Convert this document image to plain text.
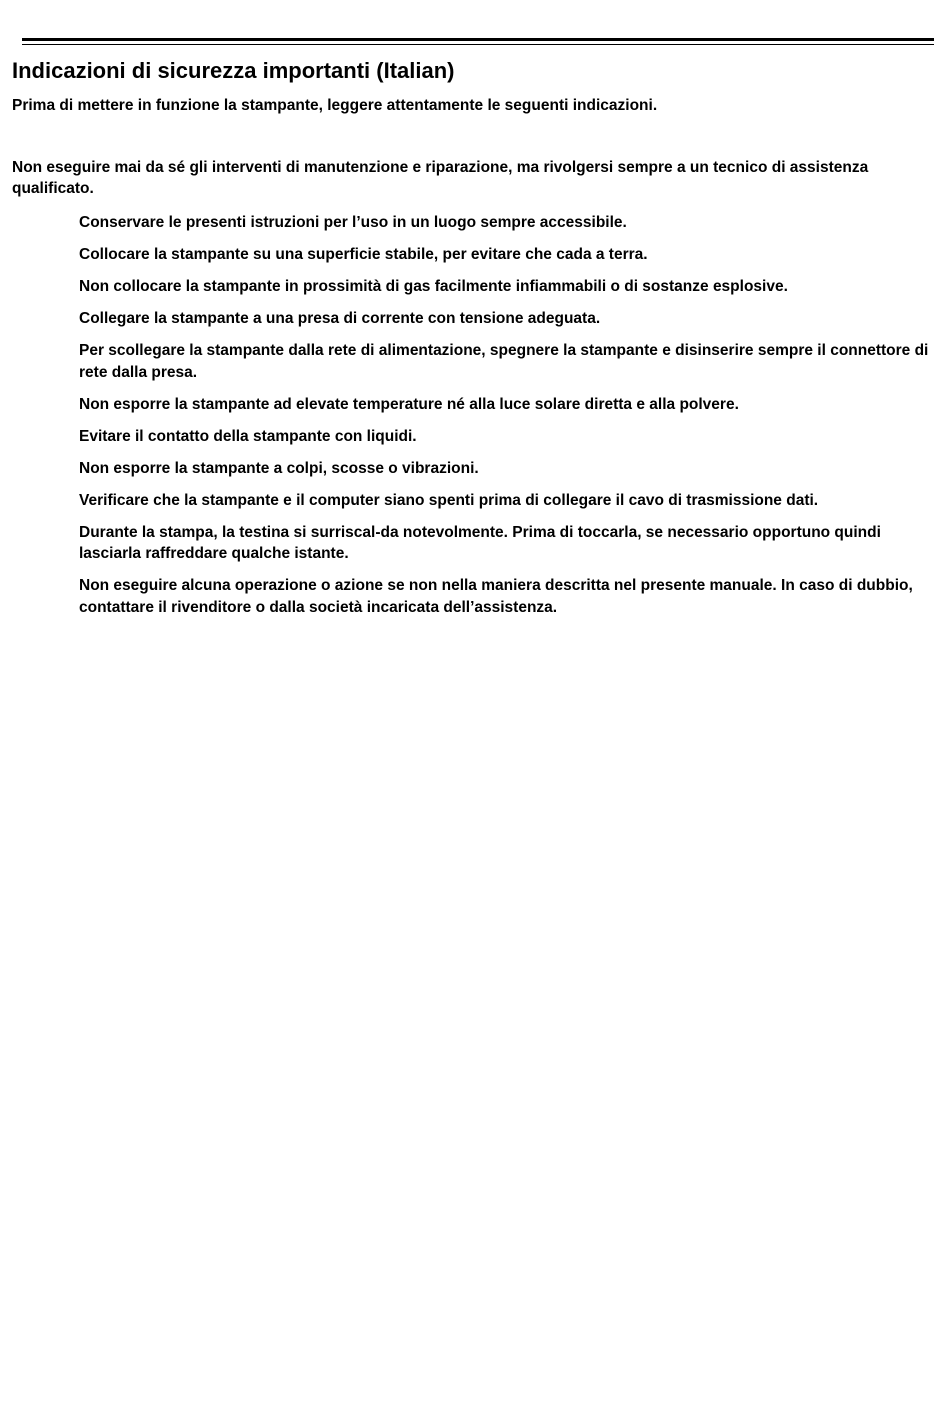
Indicazioni di sicurezza importanti (Italian)

Prima di mettere in funzione la stampante, leggere attentamente le seguenti indicazioni.

Non eseguire mai da sé gli interventi di manutenzione e riparazione, ma rivolgersi sempre a un tecnico di assistenza qualificato.

Conservare le presenti istruzioni per l’uso in un luogo sempre accessibile.
Collocare la stampante su una superficie stabile, per evitare che cada a terra.
Non collocare la stampante in prossimità di gas facilmente infiammabili o di sostanze esplosive.
Collegare la stampante a una presa di corrente con tensione adeguata.
Per scollegare la stampante dalla rete di alimentazione, spegnere la stampante e disinserire sempre il connettore di rete dalla presa.
Non esporre la stampante ad elevate temperature né alla luce solare diretta e alla polvere.
Evitare il contatto della stampante con liquidi.
Non esporre la stampante a colpi, scosse o vibrazioni.
Verificare che la stampante e il computer siano spenti prima di collegare il cavo di trasmissione dati.
Durante la stampa, la testina si surriscal-da notevolmente. Prima di toccarla, se necessario opportuno quindi lasciarla raffreddare qualche istante.
Non eseguire alcuna operazione o azione se non nella maniera descritta nel presente manuale. In caso di dubbio, contattare il rivenditore o dalla società incaricata dell’assistenza.
